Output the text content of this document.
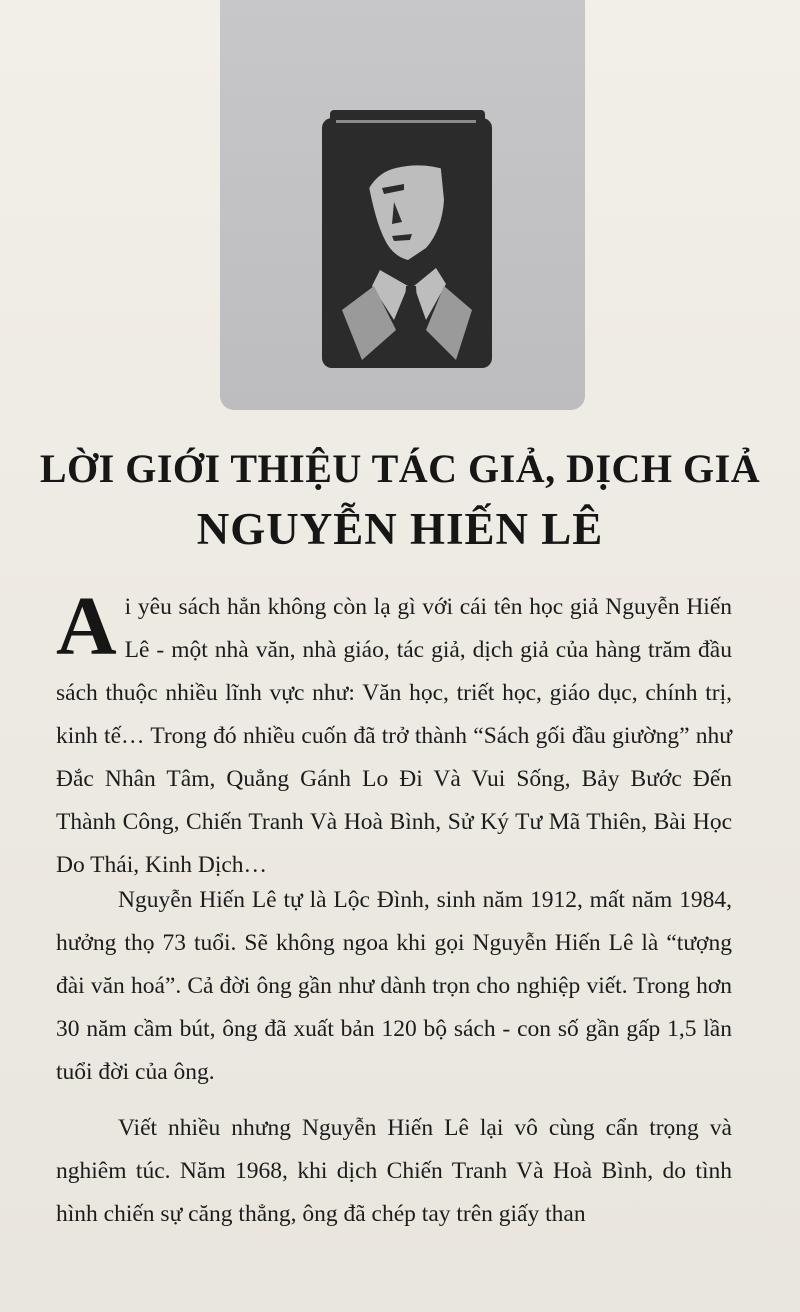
LỜI GIỚI THIỆU TÁC GIẢ, DỊCH GIẢ
NGUYỄN HIẾN LÊ

Ai yêu sách hẳn không còn lạ gì với cái tên học giả Nguyễn Hiến Lê - một nhà văn, nhà giáo, tác giả, dịch giả của hàng trăm đầu sách thuộc nhiều lĩnh vực như: Văn học, triết học, giáo dục, chính trị, kinh tế… Trong đó nhiều cuốn đã trở thành “Sách gối đầu giường” như Đắc Nhân Tâm, Quẳng Gánh Lo Đi Và Vui Sống, Bảy Bước Đến Thành Công, Chiến Tranh Và Hoà Bình, Sử Ký Tư Mã Thiên, Bài Học Do Thái, Kinh Dịch…

Nguyễn Hiến Lê tự là Lộc Đình, sinh năm 1912, mất năm 1984, hưởng thọ 73 tuổi. Sẽ không ngoa khi gọi Nguyễn Hiến Lê là “tượng đài văn hoá”. Cả đời ông gần như dành trọn cho nghiệp viết. Trong hơn 30 năm cầm bút, ông đã xuất bản 120 bộ sách - con số gần gấp 1,5 lần tuổi đời của ông.

Viết nhiều nhưng Nguyễn Hiến Lê lại vô cùng cẩn trọng và nghiêm túc. Năm 1968, khi dịch Chiến Tranh Và Hoà Bình, do tình hình chiến sự căng thẳng, ông đã chép tay trên giấy than
